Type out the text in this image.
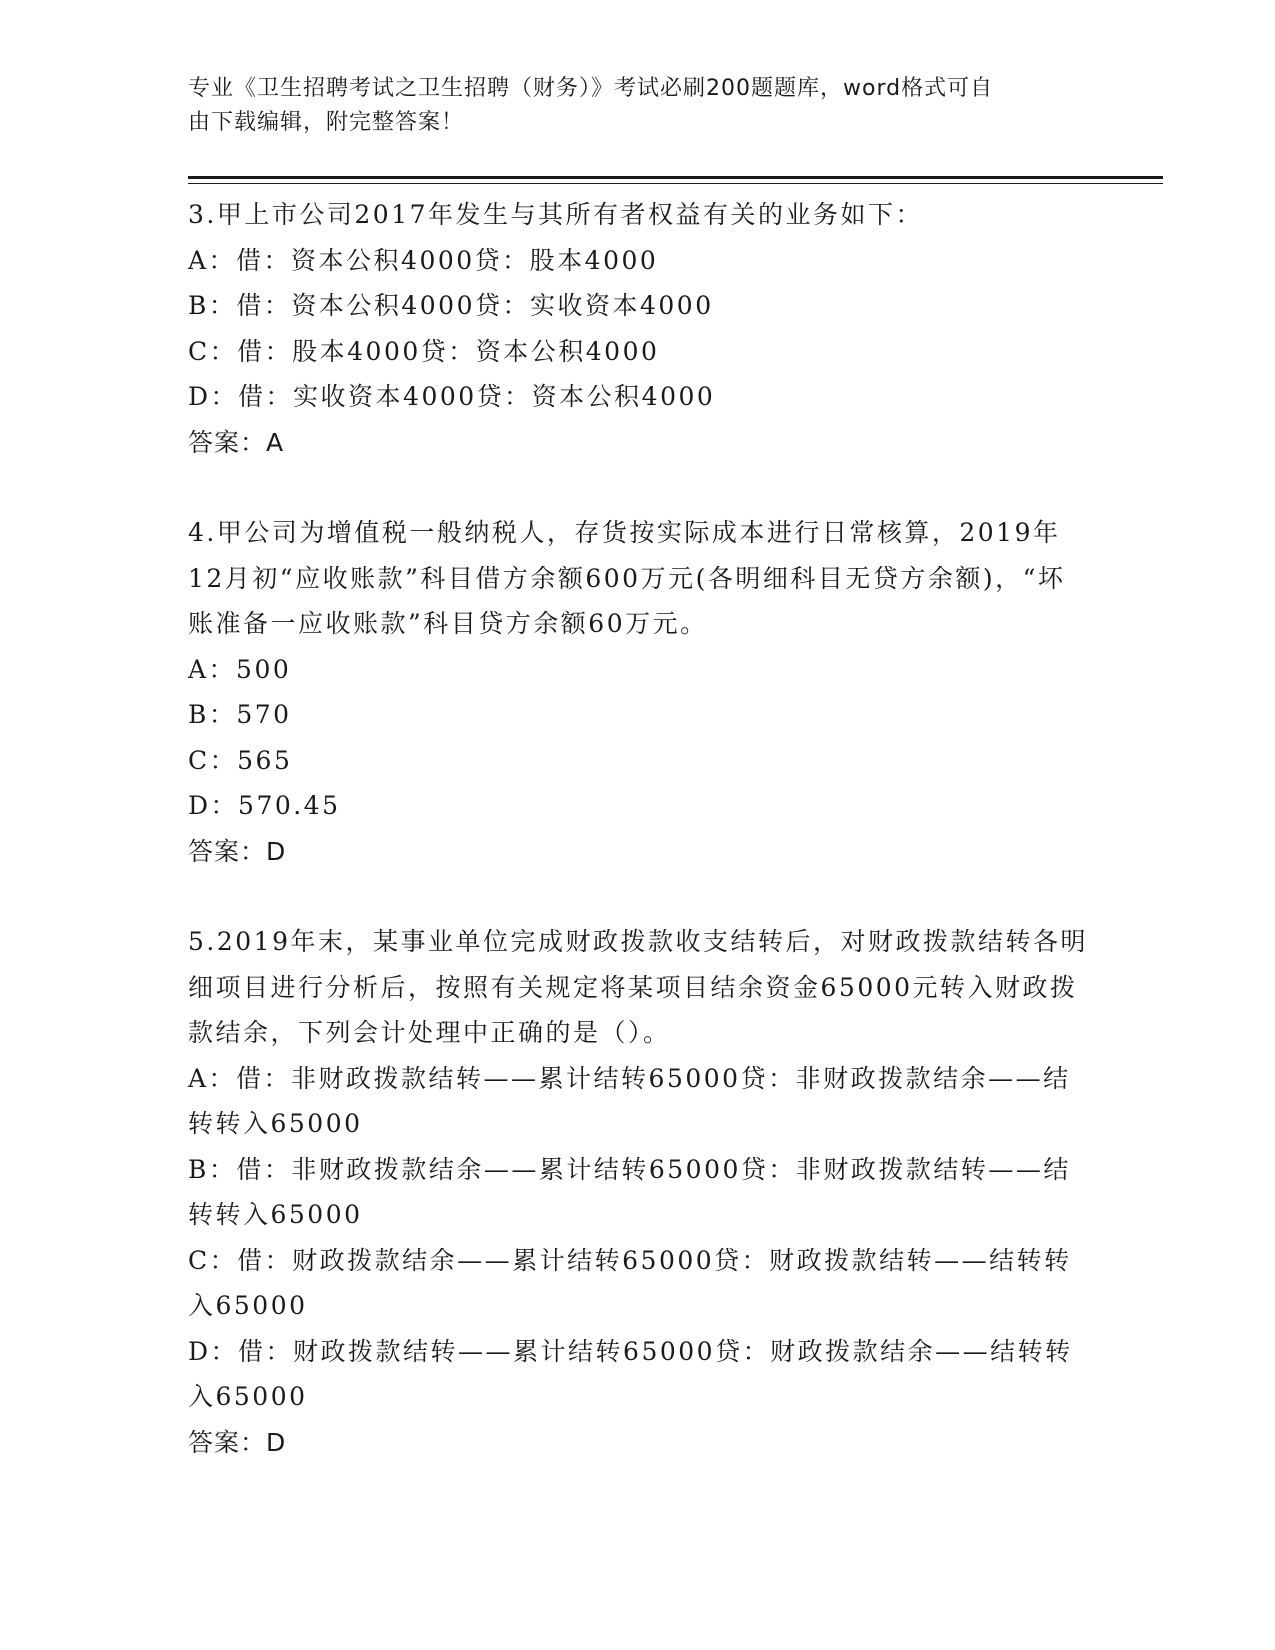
专业《卫生招聘考试之卫生招聘（财务）》考试必刷200题题库，word格式可自
由下载编辑，附完整答案！

3.甲上市公司2017年发生与其所有者权益有关的业务如下：

A：借：资本公积4000贷：股本4000

B：借：资本公积4000贷：实收资本4000

C：借：股本4000贷：资本公积4000

D：借：实收资本4000贷：资本公积4000

答案：A

4.甲公司为增值税一般纳税人，存货按实际成本进行日常核算，2019年12月初“应收账款”科目借方余额600万元(各明细科目无贷方余额)，“坏账准备一应收账款”科目贷方余额60万元。

A：500

B：570

C：565

D：570.45

答案：D

5.2019年末，某事业单位完成财政拨款收支结转后，对财政拨款结转各明细项目进行分析后，按照有关规定将某项目结余资金65000元转入财政拨款结余，下列会计处理中正确的是（）。

A：借：非财政拨款结转——累计结转65000贷：非财政拨款结余——结转转入65000

B：借：非财政拨款结余——累计结转65000贷：非财政拨款结转——结转转入65000

C：借：财政拨款结余——累计结转65000贷：财政拨款结转——结转转入65000

D：借：财政拨款结转——累计结转65000贷：财政拨款结余——结转转入65000

答案：D
